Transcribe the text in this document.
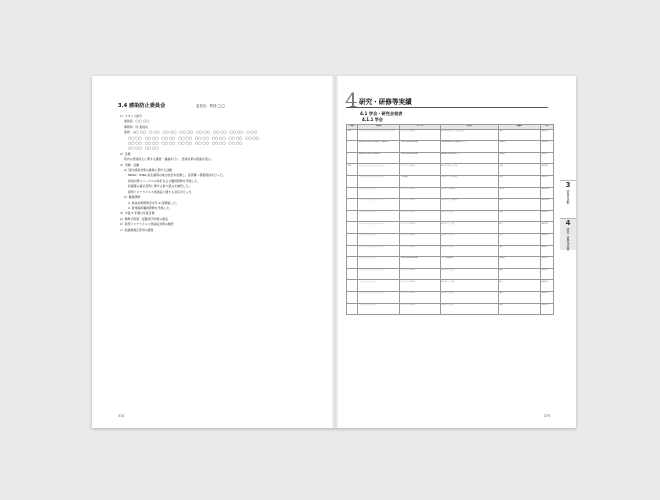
3.4 感染防止委員会	委員長：教授 ◯◯
1）スタッフ紹介
委員長：◯◯ ◯◯
事務局：同 委員長
委員：山◯ ◯◯　◯ ◯◯　◯◯ ◯◯　◯◯ ◯◯　◯◯ ◯◯　◯◯ ◯◯　◯◯ ◯◯　◯ ◯◯
◯◯ ◯◯　◯◯ ◯◯　◯◯ ◯◯　◯◯ ◯◯　◯◯ ◯◯　◯◯ ◯◯　◯◯ ◯◯　◯◯ ◯◯
◯◯ ◯◯　◯◯ ◯◯　◯◯ ◯◯　◯◯ ◯◯　◯◯ ◯◯　◯◯ ◯◯　◯◯ ◯◯
◯◯ ◯◯　◯◯ ◯◯
2）目標
院内の感染防止に関する調査・審議を行い、感染対策の推進を図る。
3）実績・活動
a）院内感染対策の推進に関する活動
MRSA・ESBL 産生菌等の検出状況を把握し、各部署へ情報提供を行った。
感染対策マニュアルの改訂および職員研修を実施した。
抗菌薬の適正使用に関する取り組みを継続した。
新型コロナウイルス感染症に関する対応を行った。
b）職員研修
1. 感染対策研修会を年 2 回開催した。
2. 新規採用職員研修を実施した。
4）今後 5 年間の年度目標
a）標準予防策、経路別予防策の徹底
b）新型コロナウイルス感染症対策の継続
c）抗菌薬適正使用の推進
374
4 研究・研修等実績
4.1 学会・研究会発表
4.1.1 学会
部局	発表者	タイトル	学会名	開催地	年月
内科	◯◯ ◯◯, ◯◯ ◯◯, ◯◯ ◯◯, ◯◯ ◯◯	タイトル（日本語）	第◯回 日本◯◯学会学術集会	東京	2021.5
	Name A, Name B, Name C, Name D	Title of presentation	International Congress of ◯◯	Online	2021.6
	Name A, Name B, Name C	Title of presentation	Annual Meeting of ◯◯	Online	2021.7
外科	◯◯ ◯◯, ◯◯ ◯◯, ◯◯ ◯◯	タイトル（日本語）	第◯回 日本◯◯学会	大阪	2021.8
	◯◯ ◯◯, ◯◯ ◯◯, ◯◯ ◯◯	一般演題	第◯回 ◯◯学会総会	京都	2021.9
	◯◯ ◯◯, ◯◯ ◯◯	タイトル（日本語）	第◯回 ◯◯研究会	名古屋	2021.10
	◯◯ ◯◯, ◯◯ ◯◯, ◯◯ ◯◯	タイトル（日本語）	第◯回 ◯◯学術集会	福岡	2021.10
	◯◯ ◯◯, ◯◯ ◯◯	タイトル（日本語）	第◯回 ◯◯学会	札幌	2021.11
	◯◯ ◯◯, ◯◯ ◯◯, ◯◯ ◯◯	タイトル（日本語）	第◯回 ◯◯学会	仙台	2021.11
	◯◯ ◯◯, ◯◯ ◯◯	タイトル（日本語）	第◯回 ◯◯学会	広島	2021.12
	◯◯ ◯◯, ◯◯ ◯◯, ◯◯ ◯◯	タイトル（日本語）	第◯回 ◯◯学会	東京	2022.1
	◯◯ ◯◯, ◯◯ ◯◯	Title of presentation	◯◯ Congress	Online	2022.2
	◯◯ ◯◯, ◯◯ ◯◯, ◯◯ ◯◯	タイトル（日本語）	第◯回 ◯◯学会	横浜	2022.2
	◯◯ ◯◯, ◯◯ ◯◯	タイトル（日本語）	第◯回 ◯◯学会	神戸	2022.3
	◯◯ ◯◯, ◯◯ ◯◯, ◯◯ ◯◯	タイトル（日本語）	第◯回 ◯◯学会	東京	2022.3
	◯◯ ◯◯, ◯◯ ◯◯	タイトル（日本語）	第◯回 ◯◯学会	東京	2022.3
3
委員会活動
4
研究・研修等実績
375
